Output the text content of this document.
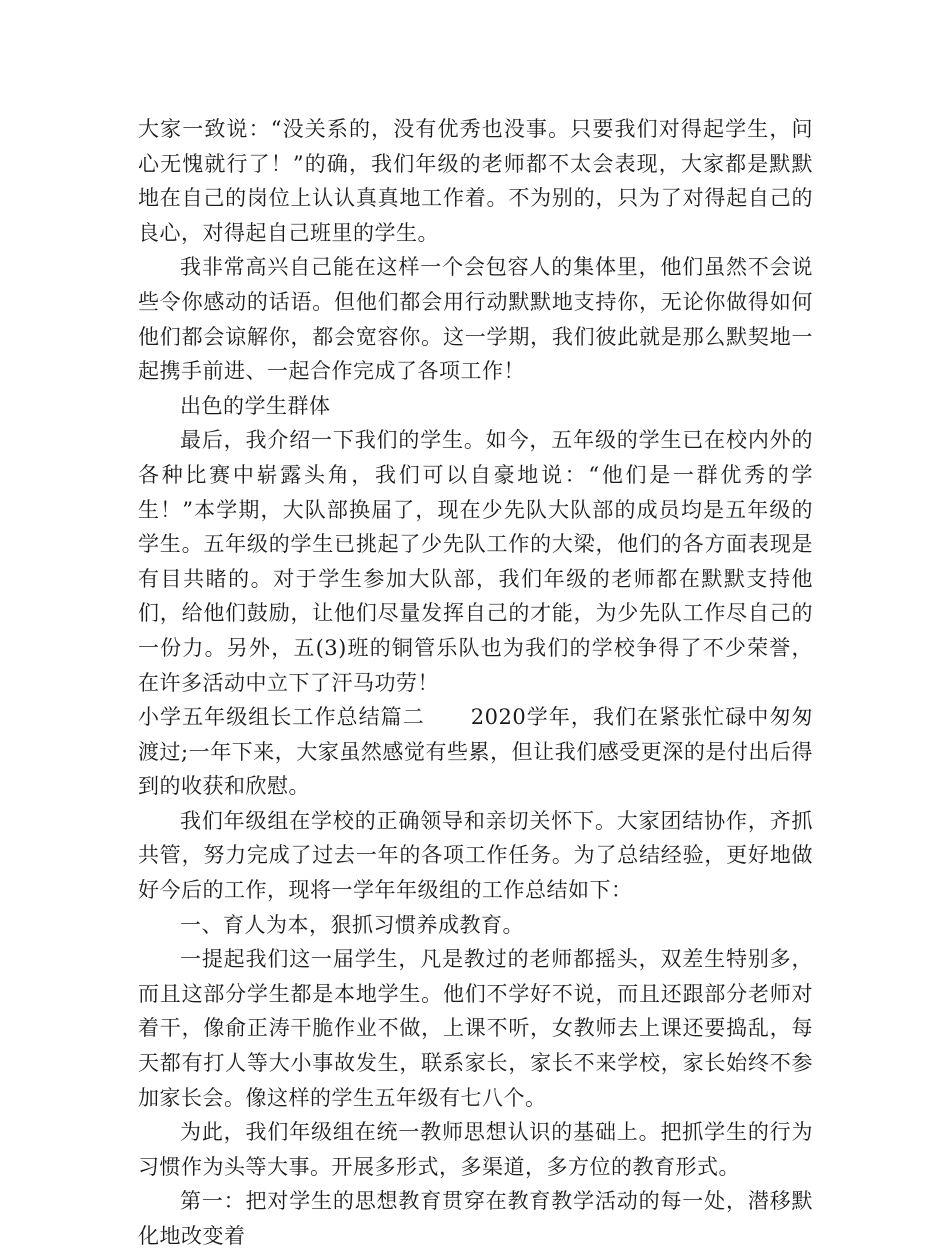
大家一致说：“没关系的，没有优秀也没事。只要我们对得起学生，问心无愧就行了！”的确，我们年级的老师都不太会表现，大家都是默默地在自己的岗位上认认真真地工作着。不为别的，只为了对得起自己的良心，对得起自己班里的学生。

我非常高兴自己能在这样一个会包容人的集体里，他们虽然不会说些令你感动的话语。但他们都会用行动默默地支持你，无论你做得如何他们都会谅解你，都会宽容你。这一学期，我们彼此就是那么默契地一起携手前进、一起合作完成了各项工作！

出色的学生群体

最后，我介绍一下我们的学生。如今，五年级的学生已在校内外的各种比赛中崭露头角，我们可以自豪地说：“他们是一群优秀的学生！”本学期，大队部换届了，现在少先队大队部的成员均是五年级的学生。五年级的学生已挑起了少先队工作的大梁，他们的各方面表现是有目共睹的。对于学生参加大队部，我们年级的老师都在默默支持他们，给他们鼓励，让他们尽量发挥自己的才能，为少先队工作尽自己的一份力。另外，五(3)班的铜管乐队也为我们的学校争得了不少荣誉，在许多活动中立下了汗马功劳！

小学五年级组长工作总结篇二 2020学年，我们在紧张忙碌中匆匆渡过;一年下来，大家虽然感觉有些累，但让我们感受更深的是付出后得到的收获和欣慰。

我们年级组在学校的正确领导和亲切关怀下。大家团结协作，齐抓共管，努力完成了过去一年的各项工作任务。为了总结经验，更好地做好今后的工作，现将一学年年级组的工作总结如下：

一、育人为本，狠抓习惯养成教育。

一提起我们这一届学生，凡是教过的老师都摇头，双差生特别多，而且这部分学生都是本地学生。他们不学好不说，而且还跟部分老师对着干，像俞正涛干脆作业不做，上课不听，女教师去上课还要捣乱，每天都有打人等大小事故发生，联系家长，家长不来学校，家长始终不参加家长会。像这样的学生五年级有七八个。

为此，我们年级组在统一教师思想认识的基础上。把抓学生的行为习惯作为头等大事。开展多形式，多渠道，多方位的教育形式。

第一：把对学生的思想教育贯穿在教育教学活动的每一处，潜移默化地改变着
